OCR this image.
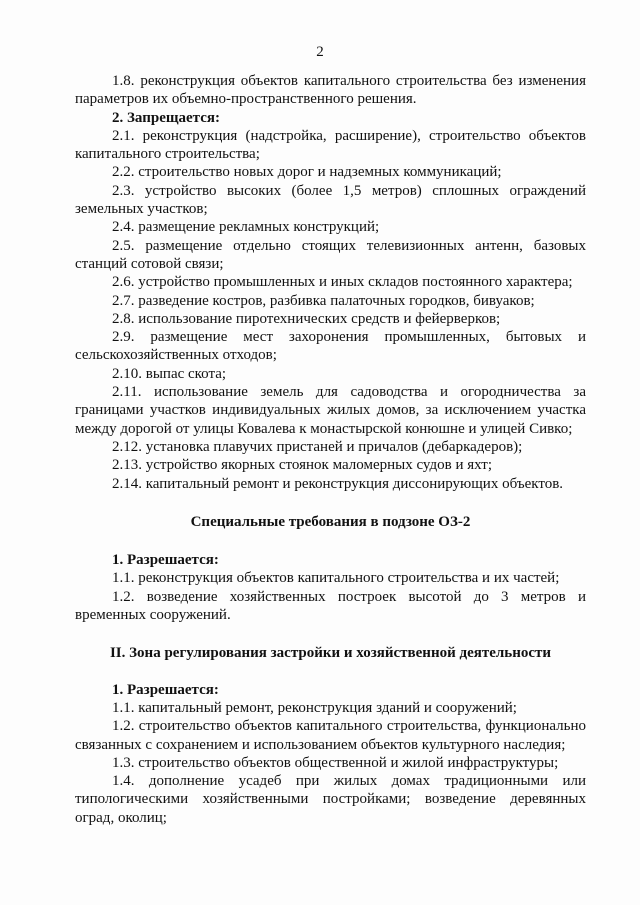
2

1.8. реконструкция объектов капитального строительства без изменения параметров их объемно-пространственного решения.

2. Запрещается:

2.1. реконструкция (надстройка, расширение), строительство объектов капитального строительства;

2.2. строительство новых дорог и надземных коммуникаций;

2.3. устройство высоких (более 1,5 метров) сплошных ограждений земельных участков;

2.4. размещение рекламных конструкций;

2.5. размещение отдельно стоящих телевизионных антенн, базовых станций сотовой связи;

2.6. устройство промышленных и иных складов постоянного характера;

2.7. разведение костров, разбивка палаточных городков, бивуаков;

2.8. использование пиротехнических средств и фейерверков;

2.9. размещение мест захоронения промышленных, бытовых и сельскохозяйственных отходов;

2.10. выпас скота;

2.11. использование земель для садоводства и огородничества за границами участков индивидуальных жилых домов, за исключением участка между дорогой от улицы Ковалева к монастырской конюшне и улицей Сивко;

2.12. установка плавучих пристаней и причалов (дебаркадеров);

2.13. устройство якорных стоянок маломерных судов и яхт;

2.14. капитальный ремонт и реконструкция диссонирующих объектов.

Специальные требования в подзоне ОЗ-2

1. Разрешается:

1.1. реконструкция объектов капитального строительства и их частей;

1.2. возведение хозяйственных построек высотой до 3 метров и временных сооружений.

II. Зона регулирования застройки и хозяйственной деятельности

1. Разрешается:

1.1. капитальный ремонт, реконструкция зданий и сооружений;

1.2. строительство объектов капитального строительства, функционально связанных с сохранением и использованием объектов культурного наследия;

1.3. строительство объектов общественной и жилой инфраструктуры;

1.4. дополнение усадеб при жилых домах традиционными или типологическими хозяйственными постройками; возведение деревянных оград, околиц;
